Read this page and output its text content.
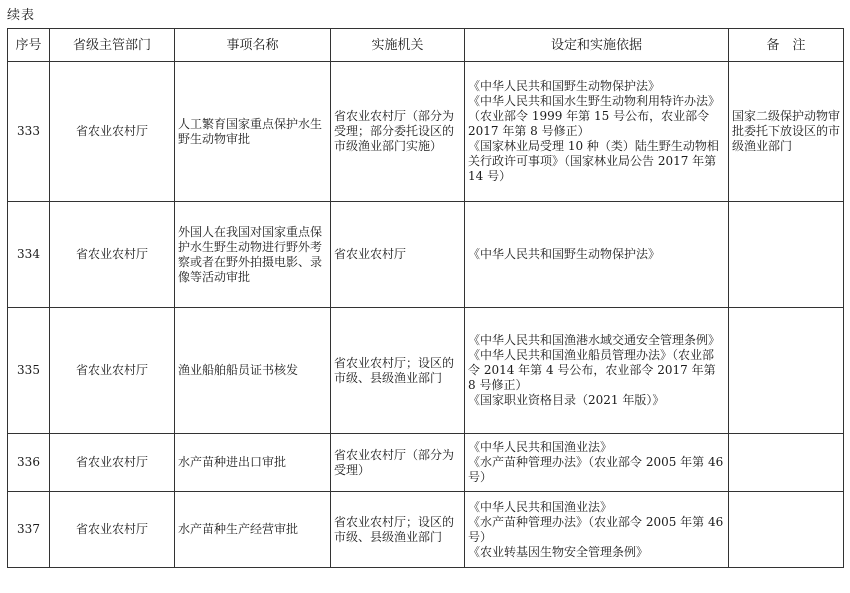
续表
序号	省级主管部门	事项名称	实施机关	设定和实施依据	备　注
333	省农业农村厅	人工繁育国家重点保护水生野生动物审批	省农业农村厅（部分为受理；部分委托设区的市级渔业部门实施）	《中华人民共和国野生动物保护法》
《中华人民共和国水生野生动物利用特许办法》（农业部令 1999 年第 15 号公布，农业部令 2017 年第 8 号修正）
《国家林业局受理 10 种（类）陆生野生动物相关行政许可事项》（国家林业局公告 2017 年第 14 号）	国家二级保护动物审批委托下放设区的市级渔业部门
334	省农业农村厅	外国人在我国对国家重点保护水生野生动物进行野外考察或者在野外拍摄电影、录像等活动审批	省农业农村厅	《中华人民共和国野生动物保护法》	

335	省农业农村厅	渔业船舶船员证书核发	省农业农村厅；设区的市级、县级渔业部门	《中华人民共和国渔港水域交通安全管理条例》
《中华人民共和国渔业船员管理办法》（农业部令 2014 年第 4 号公布，农业部令 2017 年第 8 号修正）
《国家职业资格目录（2021 年版）》	

336	省农业农村厅	水产苗种进出口审批	省农业农村厅（部分为受理）	《中华人民共和国渔业法》
《水产苗种管理办法》（农业部令 2005 年第 46 号）	

337	省农业农村厅	水产苗种生产经营审批	省农业农村厅；设区的市级、县级渔业部门	《中华人民共和国渔业法》
《水产苗种管理办法》（农业部令 2005 年第 46 号）
《农业转基因生物安全管理条例》	
